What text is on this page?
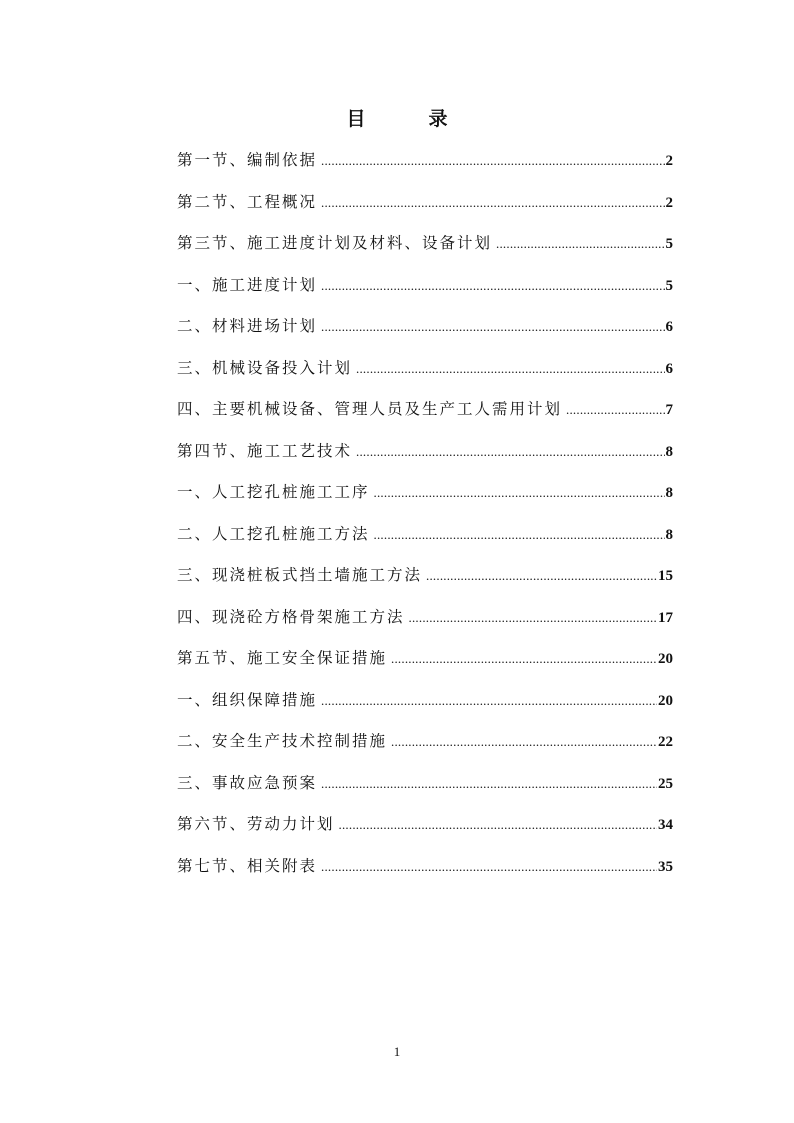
目　录
第一节、编制依据 .....	2
第二节、工程概况 .....	2
第三节、施工进度计划及材料、设备计划 .....	5
一、施工进度计划 .....	5
二、材料进场计划 .....	6
三、机械设备投入计划 .....	6
四、主要机械设备、管理人员及生产工人需用计划 .....	7
第四节、施工工艺技术 .....	8
一、人工挖孔桩施工工序 .....	8
二、人工挖孔桩施工方法 .....	8
三、现浇桩板式挡土墙施工方法 .....	15
四、现浇砼方格骨架施工方法 .....	17
第五节、施工安全保证措施 .....	20
一、组织保障措施 .....	20
二、安全生产技术控制措施 .....	22
三、事故应急预案 .....	25
第六节、劳动力计划 .....	34
第七节、相关附表 .....	35
1
